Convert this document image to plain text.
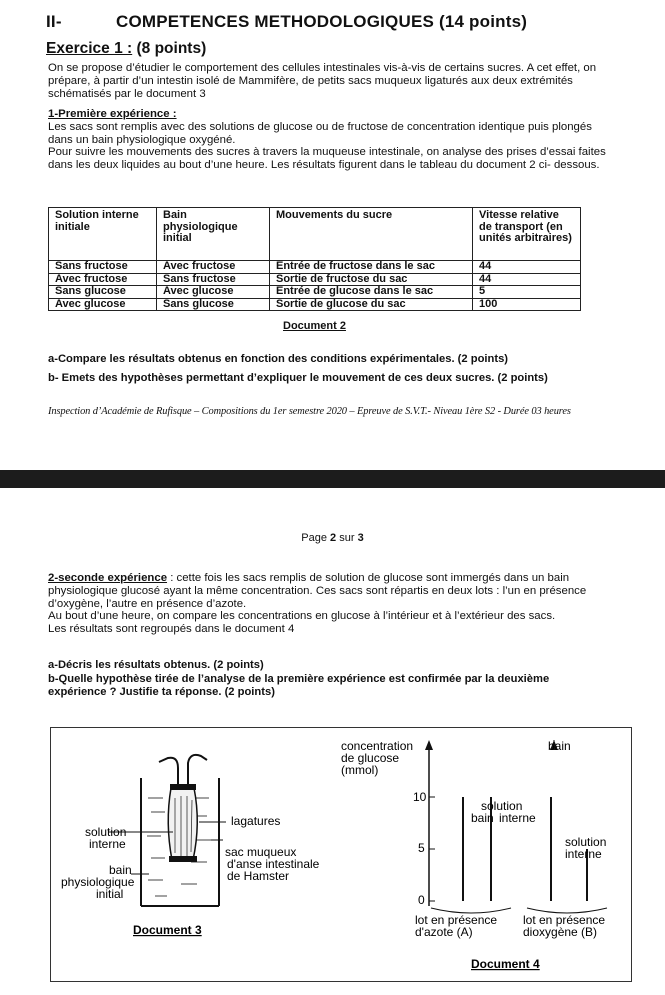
II-	COMPETENCES METHODOLOGIQUES (14 points)
Exercice 1 : (8 points)
On se propose d’étudier le comportement des cellules intestinales vis-à-vis de certains sucres. A cet effet, on prépare, à partir d’un intestin isolé de Mammifère, de petits sacs muqueux ligaturés aux deux extrémités schématisés par le document 3
1-Première expérience :
Les sacs sont remplis avec des solutions de glucose ou de fructose de concentration identique puis plongés dans un bain physiologique oxygéné.
Pour suivre les mouvements des sucres à travers la muqueuse intestinale, on analyse des prises d’essai faites dans les deux liquides au bout d’une heure. Les résultats figurent dans le tableau du document 2 ci- dessous.
Solution interne initiale	Bain physiologique initial	Mouvements du sucre	Vitesse relative de transport (en unités arbitraires)
Sans fructose	Avec fructose	Entrée de fructose dans le sac	44
Avec fructose	Sans fructose	Sortie de fructose du sac	44
Sans glucose	Avec glucose	Entrée de glucose dans le sac	5
Avec glucose	Sans glucose	Sortie de glucose du sac	100
Document 2
a-Compare les résultats obtenus en fonction des conditions expérimentales. (2 points)
b- Emets des hypothèses permettant d’expliquer le mouvement de ces deux sucres. (2 points)
Inspection d’Académie de Rufisque – Compositions du 1er semestre 2020 – Epreuve de S.V.T.- Niveau 1ère S2 - Durée 03 heures
Page 2 sur 3
2-seconde expérience : cette fois les sacs remplis de solution de glucose sont immergés dans un bain physiologique glucosé ayant la même concentration. Ces sacs sont répartis en deux lots : l’un en présence d’oxygène, l’autre en présence d’azote.
Au bout d’une heure, on compare les concentrations en glucose à l’intérieur et à l’extérieur des sacs.
Les résultats sont regroupés dans le document 4
a-Décris les résultats obtenus. (2 points)
b-Quelle hypothèse tirée de l’analyse de la première expérience est confirmée par la deuxième expérience ? Justifie ta réponse. (2 points)
lagatures
sac muqueux
d'anse intestinale
de Hamster
solution
interne
bain
physiologique
initial
Document 3
concentration
de glucose
(mmol)
bain
10
5
0
bain
solution
interne
solution
interne
lot en présence
d'azote (A)
lot en présence
dioxygène (B)
Document 4
